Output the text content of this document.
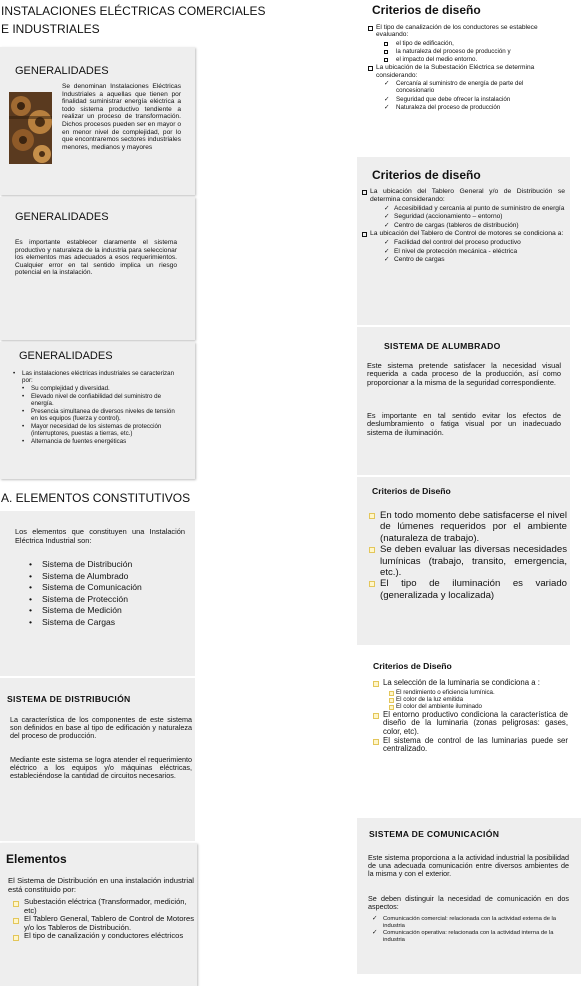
INSTALACIONES ELÉCTRICAS COMERCIALES E INDUSTRIALES
GENERALIDADES
Se denominan Instalaciones Eléctricas Industriales a aquellas que tienen por finalidad suministrar energía eléctrica a todo sistema productivo tendiente a realizar un proceso de transformación. Dichos procesos pueden ser en mayor o en menor nivel de complejidad, por lo que encontraremos sectores industriales menores, medianos y mayores
GENERALIDADES
Es importante establecer claramente el sistema productivo y naturaleza de la industria para seleccionar los elementos mas adecuados a esos requerimientos. Cualquier error en tal sentido implica un riesgo potencial en la instalación.
GENERALIDADES
• Las instalaciones eléctricas industriales se caracterizan por:
• Su complejidad y diversidad.
• Elevado nivel de confiabilidad del suministro de energía.
• Presencia simultanea de diversos niveles de tensión en los equipos (fuerza y control).
• Mayor necesidad de los sistemas de protección (interruptores, puestas a tierras, etc.)
• Alternancia de fuentes energéticas
A. ELEMENTOS CONSTITUTIVOS
Los elementos que constituyen una Instalación Eléctrica Industrial son:
• Sistema de Distribución
• Sistema de Alumbrado
• Sistema de Comunicación
• Sistema de Protección
• Sistema de Medición
• Sistema de Cargas
SISTEMA DE DISTRIBUCIÓN
La característica de los componentes de este sistema son definidos en base al tipo de edificación y naturaleza del proceso de producción.
Mediante este sistema se logra atender el requerimiento eléctrico a los equipos y/o máquinas eléctricas, estableciéndose la cantidad de circuitos necesarios.
Elementos
El Sistema de Distribución en una instalación industrial está constituido por:
Subestación eléctrica (Transformador, medición, etc)
El Tablero General, Tablero de Control de Motores y/o los Tableros de Distribución.
El tipo de canalización y conductores eléctricos
Criterios de diseño
El tipo de canalización de los conductores se establece evaluando:
el tipo de edificación,
la naturaleza del proceso de producción y
el impacto del medio entorno.
La ubicación de la Subestación Eléctrica se determina considerando:
✓ Cercanía al suministro de energía de parte del concesionario
✓ Seguridad que debe ofrecer la instalación
✓ Naturaleza del proceso de producción
Criterios de diseño
La ubicación del Tablero General y/o de Distribución se determina considerando:
✓ Accesibilidad y cercanía al punto de suministro de energía
✓ Seguridad (accionamiento – entorno)
✓ Centro de cargas (tableros de distribución)
La ubicación del Tablero de Control de motores se condiciona a:
✓ Facilidad del control del proceso productivo
✓ El nivel de protección mecánica - eléctrica
✓ Centro de cargas
SISTEMA DE ALUMBRADO
Este sistema pretende satisfacer la necesidad visual requerida a cada proceso de la producción, así como proporcionar a la misma de la seguridad correspondiente.
Es importante en tal sentido evitar los efectos de deslumbramiento o fatiga visual por un inadecuado sistema de iluminación.
Criterios de Diseño
En todo momento debe satisfacerse el nivel de lúmenes requeridos por el ambiente (naturaleza de trabajo).
Se deben evaluar las diversas necesidades lumínicas (trabajo, transito, emergencia, etc.).
El tipo de iluminación es variado (generalizada y localizada)
Criterios de Diseño
La selección de la luminaria se condiciona a :
El rendimiento o eficiencia lumínica.
El color de la luz emitida
El color del ambiente iluminado
El entorno productivo condiciona la característica de diseño de la luminaria (zonas peligrosas: gases, color, etc).
El sistema de control de las luminarias puede ser centralizado.
SISTEMA DE COMUNICACIÓN
Este sistema proporciona a la actividad industrial la posibilidad de una adecuada comunicación entre diversos ambientes de la misma y con el exterior.
Se deben distinguir la necesidad de comunicación en dos aspectos:
✓ Comunicación comercial: relacionada con la actividad externa de la industria
✓ Comunicación operativa: relacionada con la actividad interna de la industria
